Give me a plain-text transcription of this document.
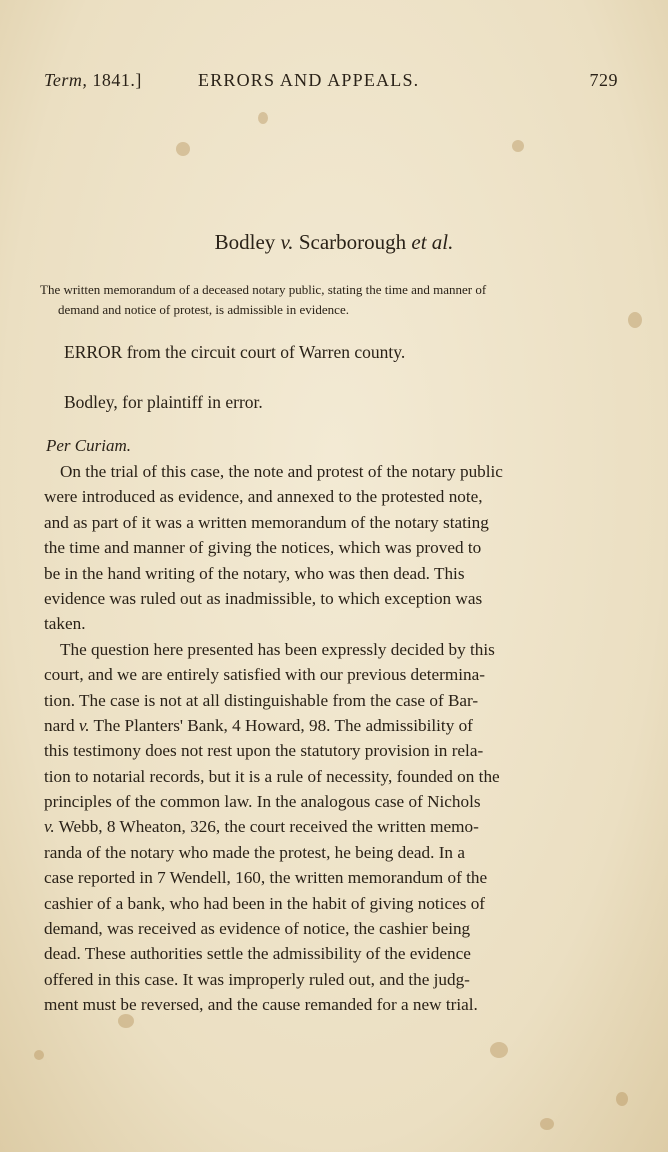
Term, 1841.]	ERRORS AND APPEALS.	729
Bodley v. Scarborough et al.
The written memorandum of a deceased notary public, stating the time and manner of
demand and notice of protest, is admissible in evidence.
ERROR from the circuit court of Warren county.
Bodley, for plaintiff in error.
Per Curiam.
On the trial of this case, the note and protest of the notary public
were introduced as evidence, and annexed to the protested note,
and as part of it was a written memorandum of the notary stating
the time and manner of giving the notices, which was proved to
be in the hand writing of the notary, who was then dead. This
evidence was ruled out as inadmissible, to which exception was
taken.
The question here presented has been expressly decided by this
court, and we are entirely satisfied with our previous determina-
tion. The case is not at all distinguishable from the case of Bar-
nard v. The Planters' Bank, 4 Howard, 98. The admissibility of
this testimony does not rest upon the statutory provision in rela-
tion to notarial records, but it is a rule of necessity, founded on the
principles of the common law. In the analogous case of Nichols
v. Webb, 8 Wheaton, 326, the court received the written memo-
randa of the notary who made the protest, he being dead. In a
case reported in 7 Wendell, 160, the written memorandum of the
cashier of a bank, who had been in the habit of giving notices of
demand, was received as evidence of notice, the cashier being
dead. These authorities settle the admissibility of the evidence
offered in this case. It was improperly ruled out, and the judg-
ment must be reversed, and the cause remanded for a new trial.
